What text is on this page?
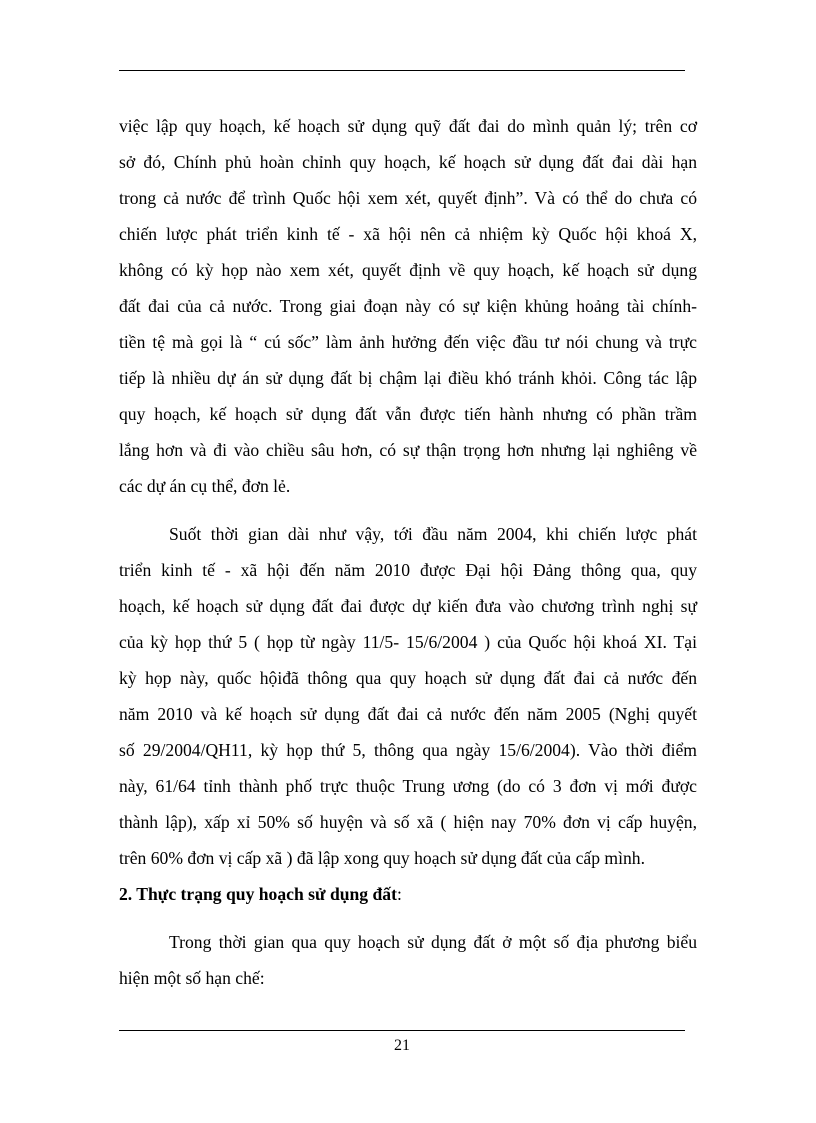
việc lập quy hoạch, kế hoạch sử dụng quỹ đất đai do mình quản lý; trên cơ
sở đó, Chính phủ hoàn chỉnh quy hoạch, kế hoạch sử dụng đất đai dài hạn
trong cả nước để trình Quốc hội xem xét, quyết định”. Và có thể do chưa có
chiến lược phát triển kinh tế - xã hội nên cả nhiệm kỳ Quốc hội khoá X,
không có kỳ họp nào xem xét, quyết định về quy hoạch, kế hoạch sử dụng
đất đai của cả nước. Trong giai đoạn này có sự kiện khủng hoảng tài chính-
tiền tệ mà gọi là “ cú sốc” làm ảnh hưởng đến việc đầu tư nói chung và trực
tiếp là nhiều dự án sử dụng đất bị chậm lại điều khó tránh khỏi. Công tác lập
quy hoạch, kế hoạch sử dụng đất vẫn được tiến hành nhưng có phần trầm
lắng hơn và đi vào chiều sâu hơn, có sự thận trọng hơn nhưng lại nghiêng về
các dự án cụ thể, đơn lẻ.

Suốt thời gian dài như vậy, tới đầu năm 2004, khi chiến lược phát
triển kinh tế - xã hội đến năm 2010 được Đại hội Đảng thông qua, quy
hoạch, kế hoạch sử dụng đất đai được dự kiến đưa vào chương trình nghị sự
của kỳ họp thứ 5 ( họp từ ngày 11/5- 15/6/2004 ) của Quốc hội khoá XI. Tại
kỳ họp này, quốc hộiđã thông qua quy hoạch sử dụng đất đai cả nước đến
năm 2010 và kế hoạch sử dụng đất đai cả nước đến năm 2005 (Nghị quyết
số 29/2004/QH11, kỳ họp thứ 5, thông qua ngày 15/6/2004). Vào thời điểm
này, 61/64 tỉnh thành phố trực thuộc Trung ương (do có 3 đơn vị mới được
thành lập), xấp xỉ 50% số huyện và số xã ( hiện nay 70% đơn vị cấp huyện,
trên 60% đơn vị cấp xã ) đã lập xong quy hoạch sử dụng đất của cấp mình.

2. Thực trạng quy hoạch sử dụng đất:

Trong thời gian qua quy hoạch sử dụng đất ở một số địa phương biểu
hiện một số hạn chế:

21
